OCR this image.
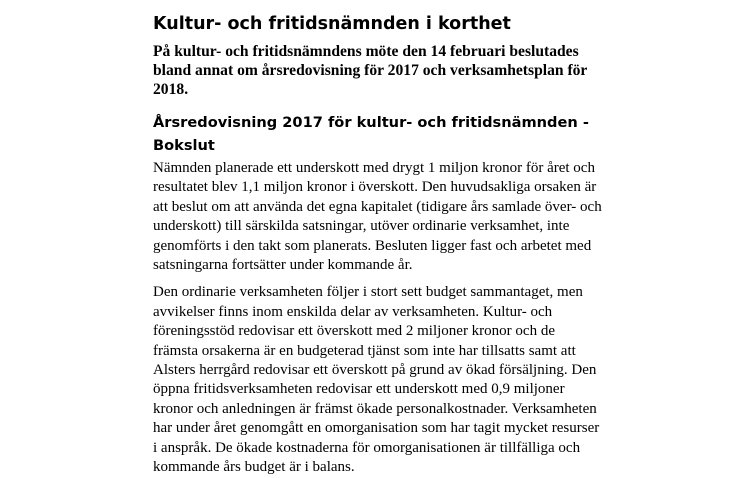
Kultur- och fritidsnämnden i korthet

På kultur- och fritidsnämndens möte den 14 februari beslutades bland annat om årsredovisning för 2017 och verksamhetsplan för 2018.

Årsredovisning 2017 för kultur- och fritidsnämnden - Bokslut

Nämnden planerade ett underskott med drygt 1 miljon kronor för året och resultatet blev 1,1 miljon kronor i överskott. Den huvudsakliga orsaken är att beslut om att använda det egna kapitalet (tidigare års samlade över- och underskott) till särskilda satsningar, utöver ordinarie verksamhet, inte genomförts i den takt som planerats. Besluten ligger fast och arbetet med satsningarna fortsätter under kommande år.

Den ordinarie verksamheten följer i stort sett budget sammantaget, men avvikelser finns inom enskilda delar av verksamheten. Kultur- och föreningsstöd redovisar ett överskott med 2 miljoner kronor och de främsta orsakerna är en budgeterad tjänst som inte har tillsatts samt att Alsters herrgård redovisar ett överskott på grund av ökad försäljning. Den öppna fritidsverksamheten redovisar ett underskott med 0,9 miljoner kronor och anledningen är främst ökade personalkostnader. Verksamheten har under året genomgått en omorganisation som har tagit mycket resurser i anspråk. De ökade kostnaderna för omorganisationen är tillfälliga och kommande års budget är i balans.
